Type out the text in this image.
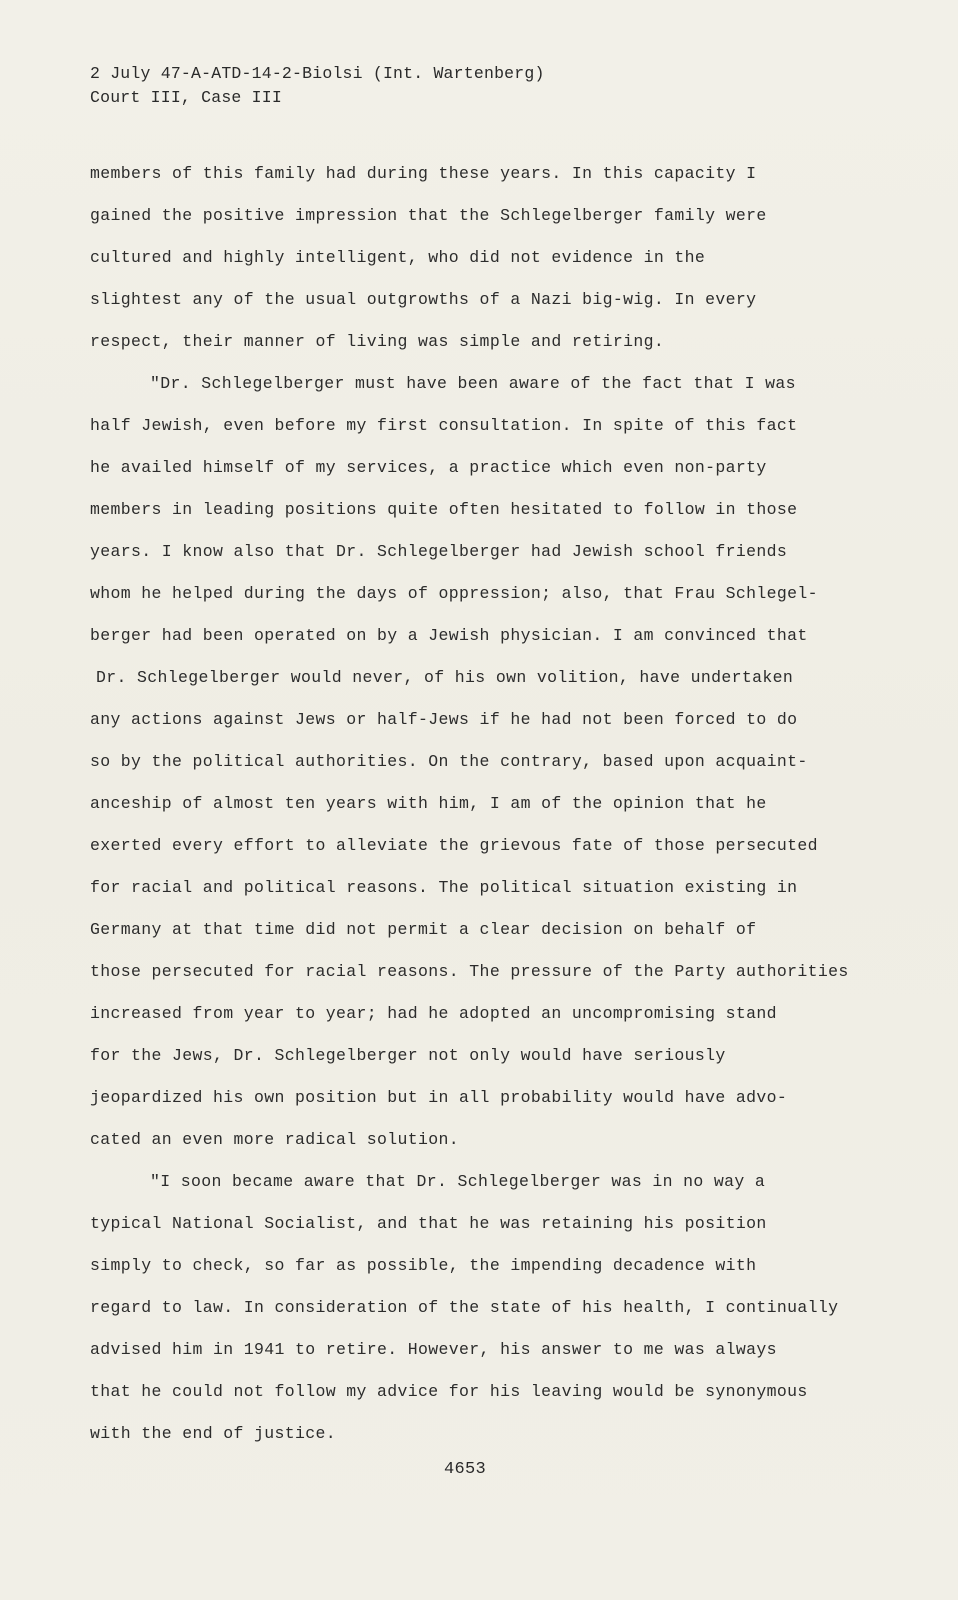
2 July 47-A-ATD-14-2-Biolsi (Int. Wartenberg)
Court III, Case III
members of this family had during these years. In this capacity I
gained the positive impression that the Schlegelberger family were
cultured and highly intelligent, who did not evidence in the
slightest any of the usual outgrowths of a Nazi big-wig. In every
respect, their manner of living was simple and retiring.
"Dr. Schlegelberger must have been aware of the fact that I was
half Jewish, even before my first consultation. In spite of this fact
he availed himself of my services, a practice which even non-party
members in leading positions quite often hesitated to follow in those
years. I know also that Dr. Schlegelberger had Jewish school friends
whom he helped during the days of oppression; also, that Frau Schlegel-
berger had been operated on by a Jewish physician. I am convinced that
Dr. Schlegelberger would never, of his own volition, have undertaken
any actions against Jews or half-Jews if he had not been forced to do
so by the political authorities. On the contrary, based upon acquaint-
anceship of almost ten years with him, I am of the opinion that he
exerted every effort to alleviate the grievous fate of those persecuted
for racial and political reasons. The political situation existing in
Germany at that time did not permit a clear decision on behalf of
those persecuted for racial reasons. The pressure of the Party authorities
increased from year to year; had he adopted an uncompromising stand
for the Jews, Dr. Schlegelberger not only would have seriously
jeopardized his own position but in all probability would have advo-
cated an even more radical solution.
"I soon became aware that Dr. Schlegelberger was in no way a
typical National Socialist, and that he was retaining his position
simply to check, so far as possible, the impending decadence with
regard to law. In consideration of the state of his health, I continually
advised him in 1941 to retire. However, his answer to me was always
that he could not follow my advice for his leaving would be synonymous
with the end of justice.
4653
